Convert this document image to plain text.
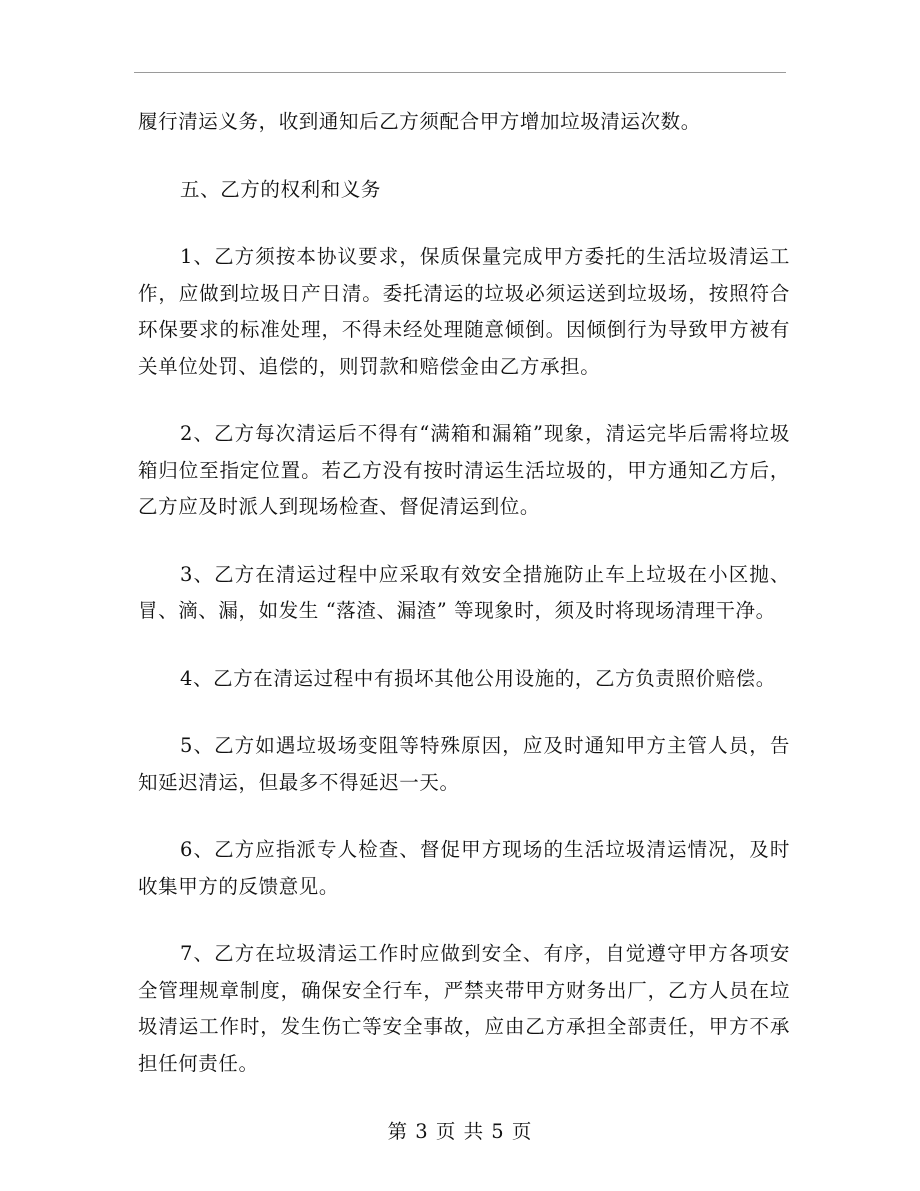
履行清运义务，收到通知后乙方须配合甲方增加垃圾清运次数。

五、乙方的权利和义务

1、乙方须按本协议要求，保质保量完成甲方委托的生活垃圾清运工作，应做到垃圾日产日清。委托清运的垃圾必须运送到垃圾场，按照符合环保要求的标准处理，不得未经处理随意倾倒。因倾倒行为导致甲方被有关单位处罚、追偿的，则罚款和赔偿金由乙方承担。

2、乙方每次清运后不得有“满箱和漏箱”现象，清运完毕后需将垃圾箱归位至指定位置。若乙方没有按时清运生活垃圾的，甲方通知乙方后，乙方应及时派人到现场检查、督促清运到位。

3、乙方在清运过程中应采取有效安全措施防止车上垃圾在小区抛、冒、滴、漏，如发生 “落渣、漏渣” 等现象时，须及时将现场清理干净。

4、乙方在清运过程中有损坏其他公用设施的，乙方负责照价赔偿。

5、乙方如遇垃圾场变阻等特殊原因，应及时通知甲方主管人员，告知延迟清运，但最多不得延迟一天。

6、乙方应指派专人检查、督促甲方现场的生活垃圾清运情况，及时收集甲方的反馈意见。

7、乙方在垃圾清运工作时应做到安全、有序，自觉遵守甲方各项安全管理规章制度，确保安全行车，严禁夹带甲方财务出厂，乙方人员在垃圾清运工作时，发生伤亡等安全事故，应由乙方承担全部责任，甲方不承担任何责任。

第 3 页 共 5 页
